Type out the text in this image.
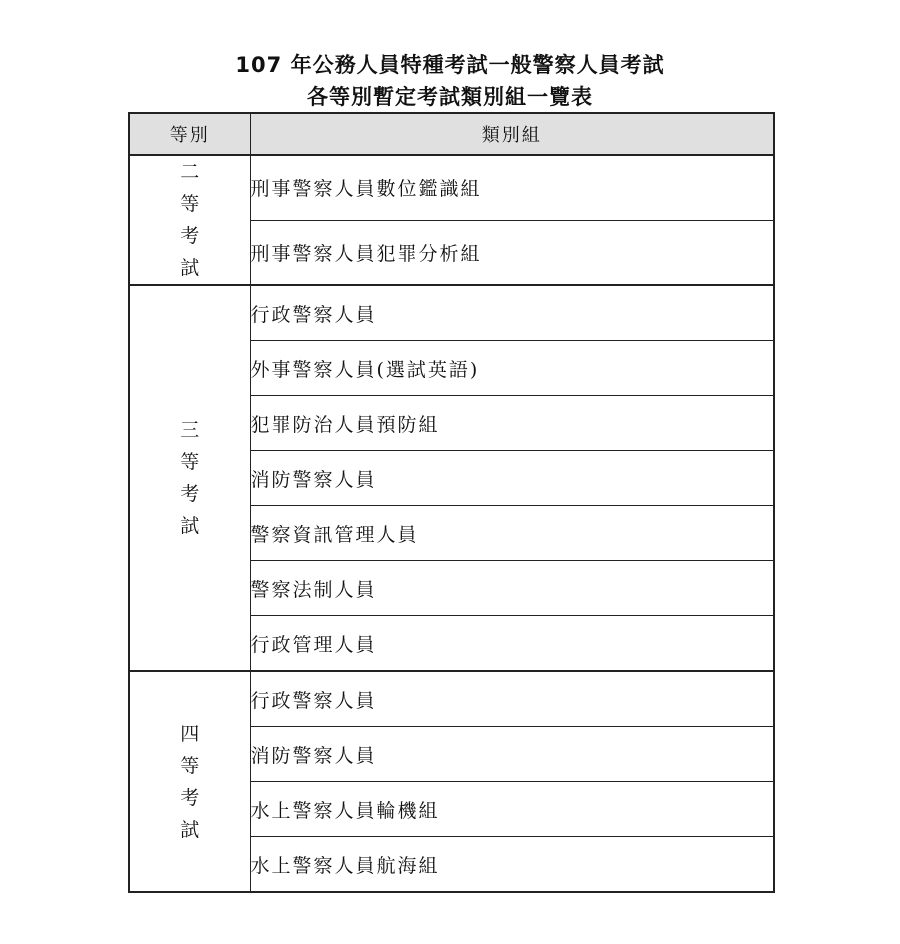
107 年公務人員特種考試一般警察人員考試
各等別暫定考試類別組一覽表
等別	類別組

二
等
考
試	刑事警察人員數位鑑識組
	刑事警察人員犯罪分析組

三
等
考
試	行政警察人員
	外事警察人員(選試英語)
	犯罪防治人員預防組
	消防警察人員
	警察資訊管理人員
	警察法制人員
	行政管理人員

四
等
考
試	行政警察人員
	消防警察人員
	水上警察人員輪機組
	水上警察人員航海組
